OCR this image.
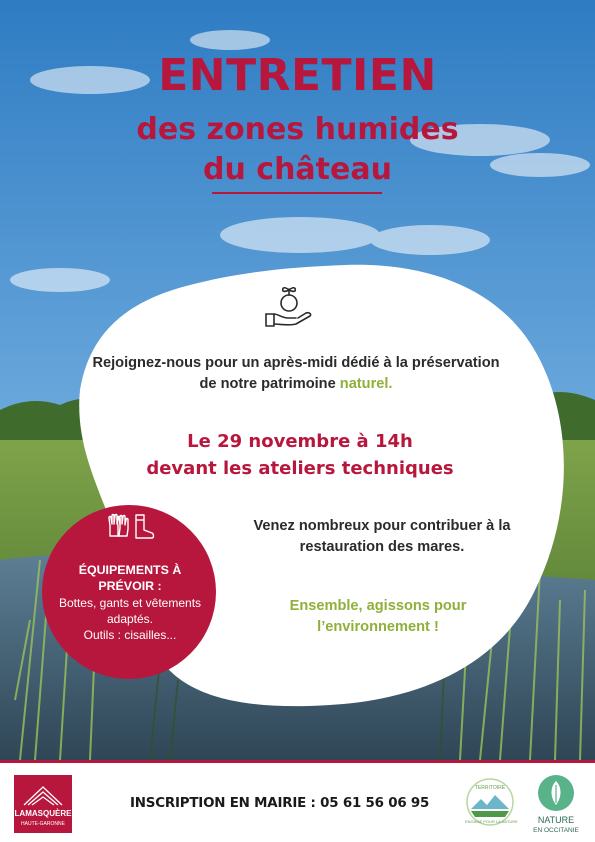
ENTRETIEN
des zones humides
du château

Rejoignez-nous pour un après-midi dédié à la préservation de notre patrimoine naturel.

Le 29 novembre à 14h
devant les ateliers techniques

Venez nombreux pour contribuer à la restauration des mares.

Ensemble, agissons pour l’environnement !

ÉQUIPEMENTS À PRÉVOIR :
Bottes, gants et vêtements adaptés.
Outils : cisailles...
LAMASQUÈRE
HAUTE-GARONNE
INSCRIPTION EN MAIRIE : 05 61 56 06 95
TERRITOIRE
ENGAGÉ POUR LA NATURE	NATURE
EN OCCITANIE
